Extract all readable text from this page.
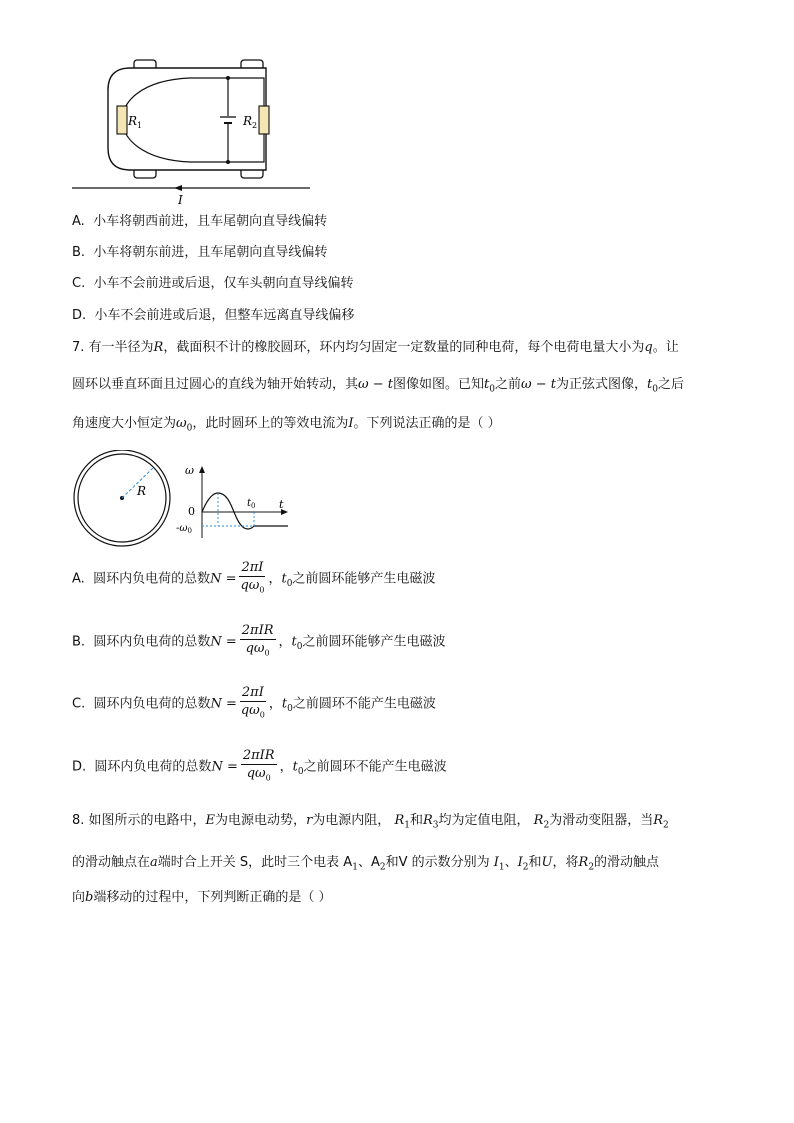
$R_1$	$R_2$
I
A. 小车将朝西前进，且车尾朝向直导线偏转
B. 小车将朝东前进，且车尾朝向直导线偏转
C. 小车不会前进或后退，仅车头朝向直导线偏转
D. 小车不会前进或后退，但整车远离直导线偏移
7. 有一半径为R，截面积不计的橡胶圆环，环内均匀固定一定数量的同种电荷，每个电荷电量大小为q。让
圆环以垂直环面且过圆心的直线为轴开始转动，其ω − t图像如图。已知$t_0$之前ω − t为正弦式图像，$t_0$之后
角速度大小恒定为$\omega_0$，此时圆环上的等效电流为I。下列说法正确的是（ ）
R
ω
0
t
$t_0$
$-\omega_0$
A. 圆环内负电荷的总数$N = \frac{2\pi I}{q\omega_0}$ ，$t_0$之前圆环能够产生电磁波
B. 圆环内负电荷的总数$N = \frac{\text{2πIR}}{q\omega_0}$ ，$t_0$之前圆环能够产生电磁波
C. 圆环内负电荷的总数$N = \frac{2\pi I}{q\omega_0}$ ，$t_0$之前圆环不能产生电磁波
D. 圆环内负电荷的总数$N = \frac{\text{2πIR}}{q\omega_0}$ ，$t_0$之前圆环不能产生电磁波
8. 如图所示的电路中，E为电源电动势，r为电源内阻， $R_1$和$R_3$均为定值电阻， $R_2$为滑动变阻器，当$R_2$
的滑动触点在a端时合上开关 S，此时三个电表 $A_1$、$A_2$和V 的示数分别为 $I_1$、$I_2$和U，将$R_2$的滑动触点
向b端移动的过程中，下列判断正确的是（ ）
